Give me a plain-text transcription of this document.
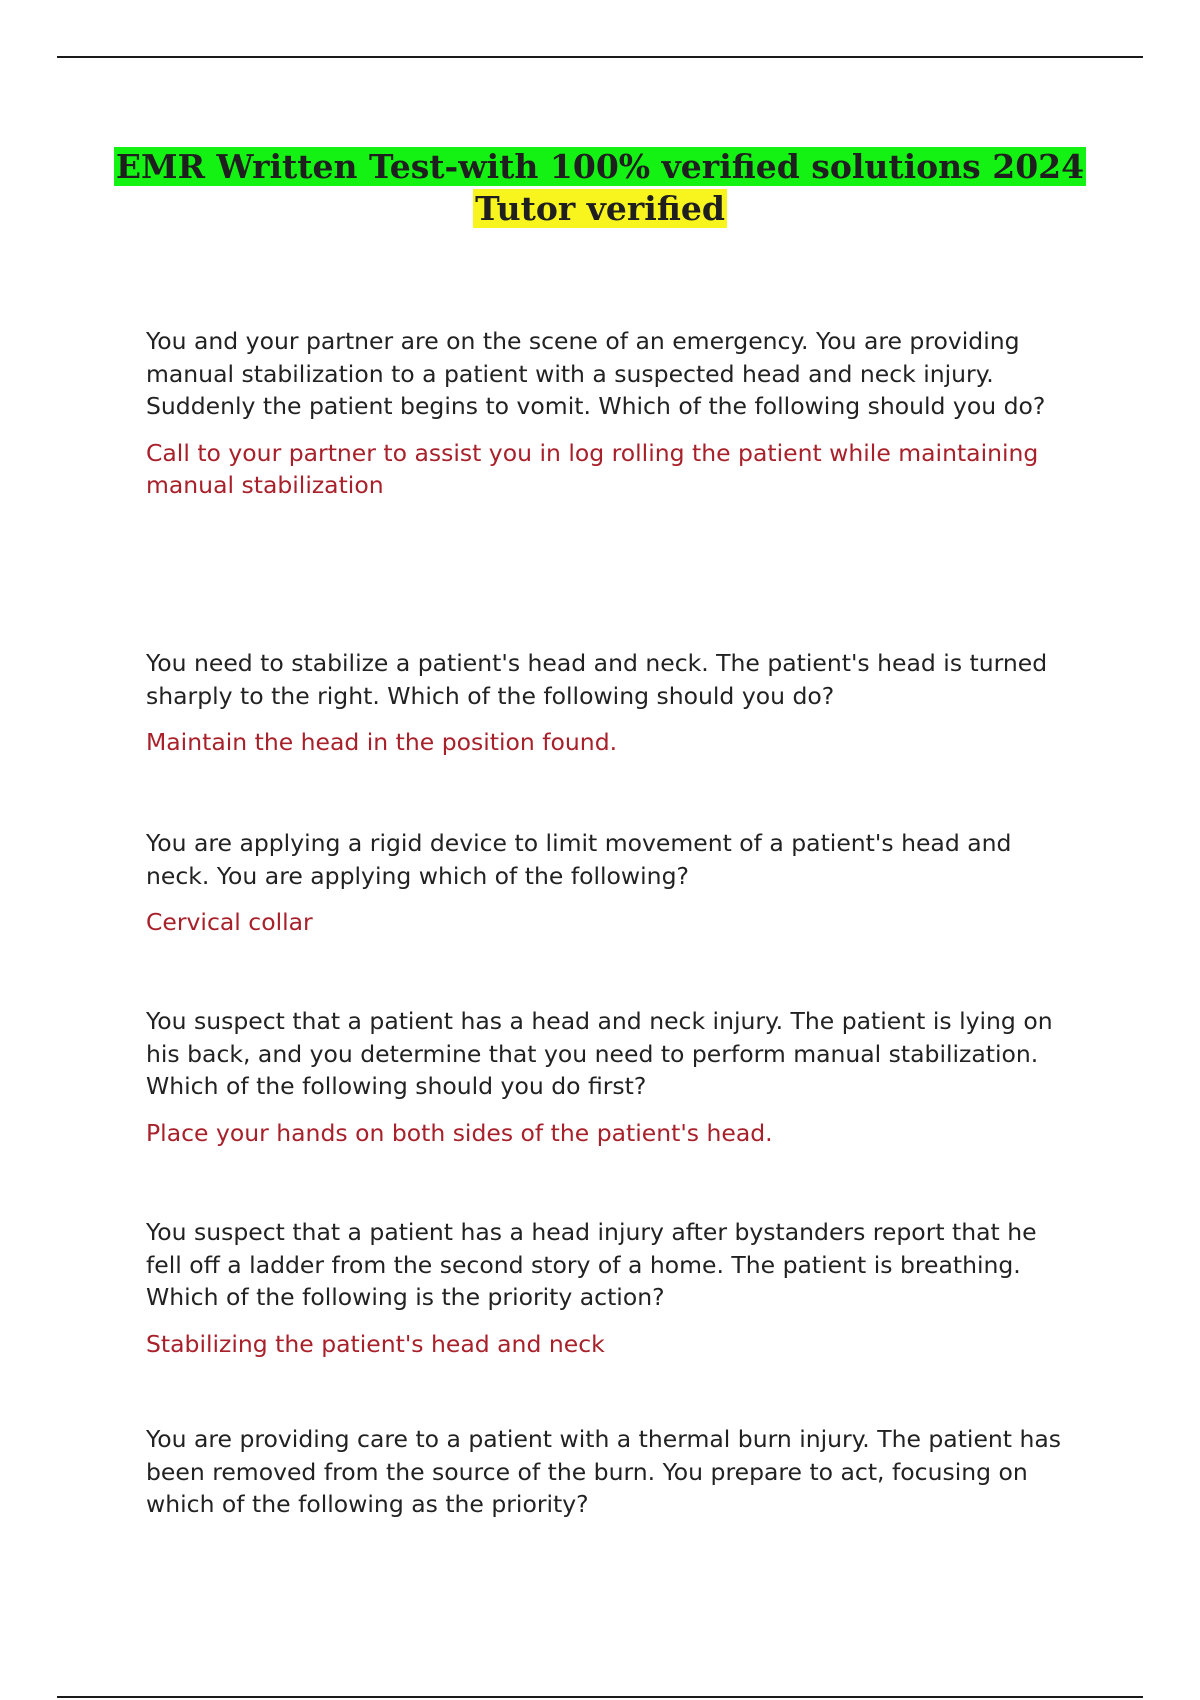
EMR Written Test-with 100% verified solutions 2024
Tutor verified

You and your partner are on the scene of an emergency. You are providing manual stabilization to a patient with a suspected head and neck injury. Suddenly the patient begins to vomit. Which of the following should you do?

Call to your partner to assist you in log rolling the patient while maintaining manual stabilization

You need to stabilize a patient's head and neck. The patient's head is turned sharply to the right. Which of the following should you do?

Maintain the head in the position found.

You are applying a rigid device to limit movement of a patient's head and neck. You are applying which of the following?

Cervical collar

You suspect that a patient has a head and neck injury. The patient is lying on his back, and you determine that you need to perform manual stabilization. Which of the following should you do first?

Place your hands on both sides of the patient's head.

You suspect that a patient has a head injury after bystanders report that he fell off a ladder from the second story of a home. The patient is breathing. Which of the following is the priority action?

Stabilizing the patient's head and neck

You are providing care to a patient with a thermal burn injury. The patient has been removed from the source of the burn. You prepare to act, focusing on which of the following as the priority?
